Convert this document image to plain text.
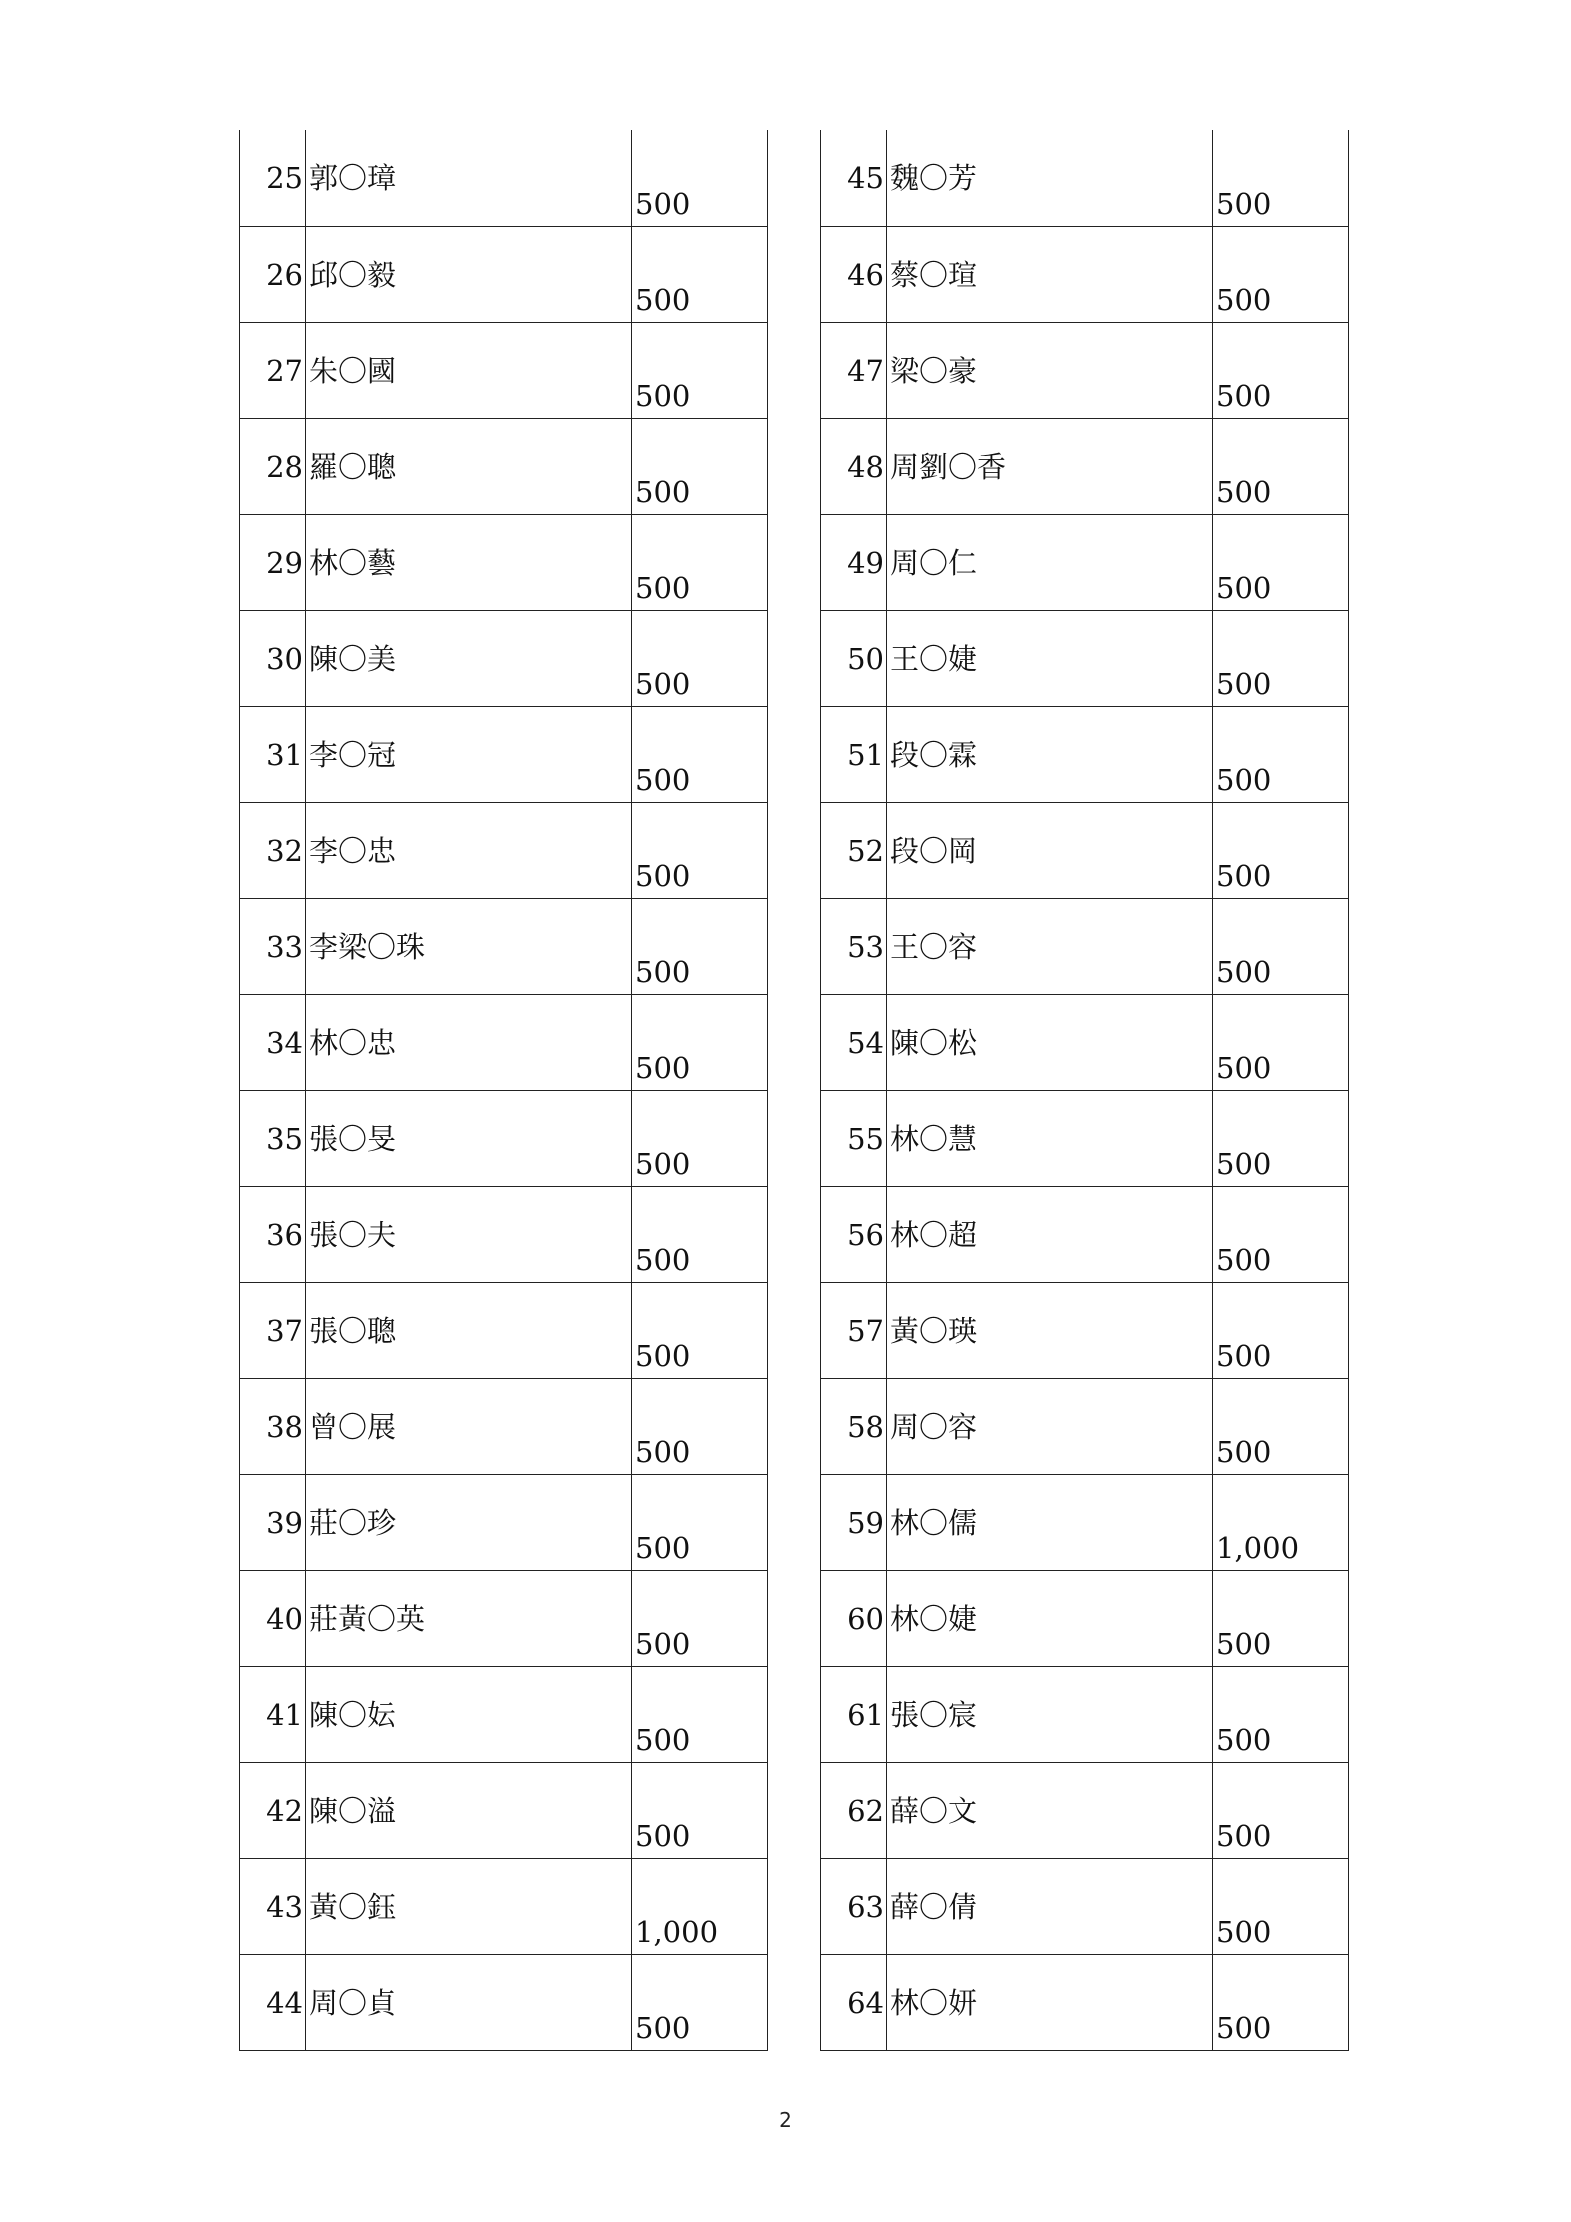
25	郭〇璋	500
26	邱〇毅	500
27	朱〇國	500
28	羅〇聰	500
29	林〇藝	500
30	陳〇美	500
31	李〇冠	500
32	李〇忠	500
33	李梁〇珠	500
34	林〇忠	500
35	張〇旻	500
36	張〇夫	500
37	張〇聰	500
38	曾〇展	500
39	莊〇珍	500
40	莊黃〇英	500
41	陳〇妘	500
42	陳〇溢	500
43	黃〇鈺	1,000
44	周〇貞	500
45	魏〇芳	500
46	蔡〇瑄	500
47	梁〇豪	500
48	周劉〇香	500
49	周〇仁	500
50	王〇婕	500
51	段〇霖	500
52	段〇岡	500
53	王〇容	500
54	陳〇松	500
55	林〇慧	500
56	林〇超	500
57	黃〇瑛	500
58	周〇容	500
59	林〇儒	1,000
60	林〇婕	500
61	張〇宸	500
62	薛〇文	500
63	薛〇倩	500
64	林〇妍	500
2
